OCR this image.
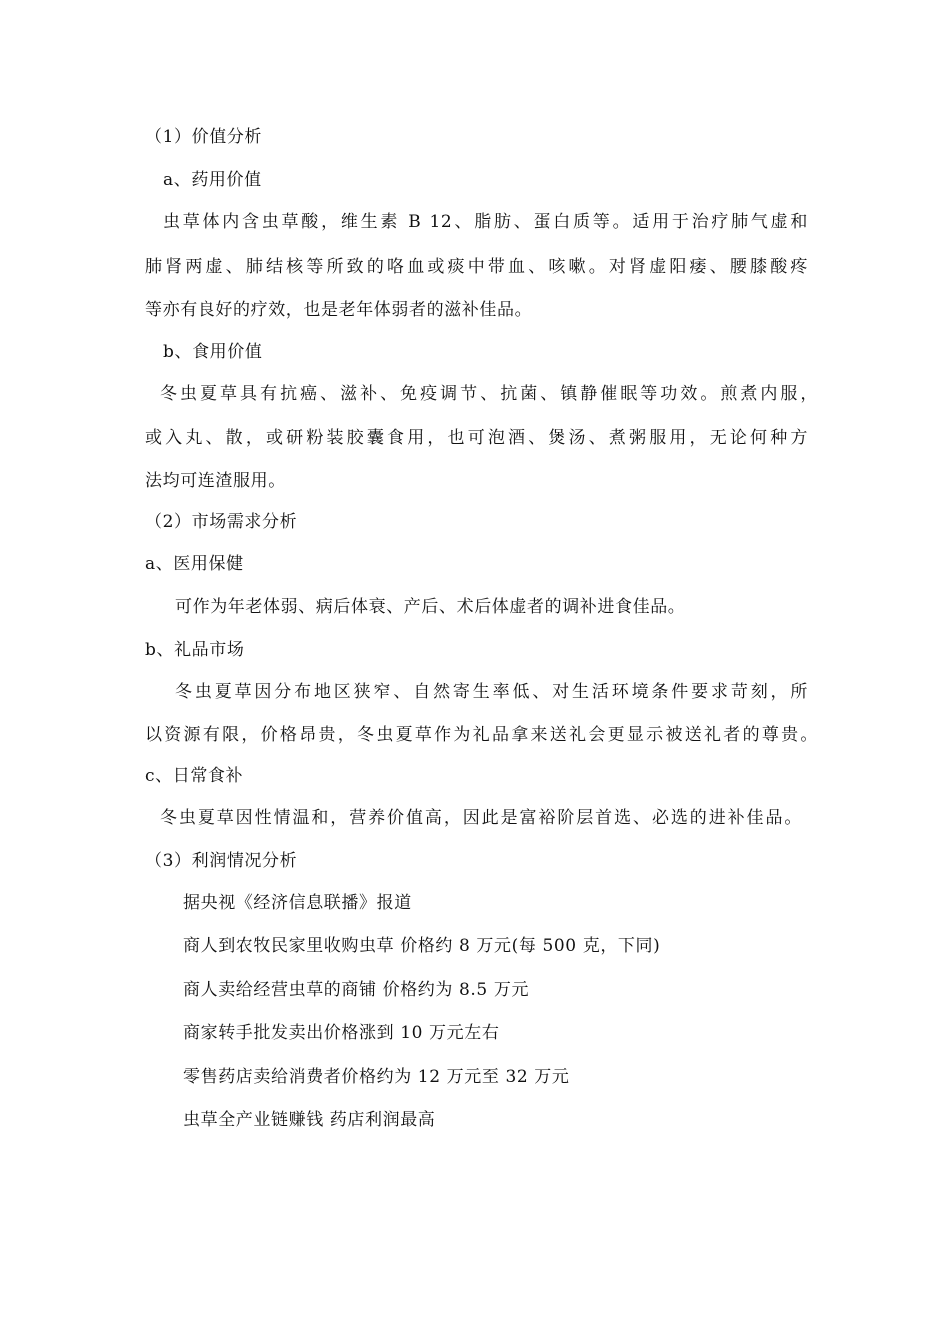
（1）价值分析
a、药用价值
虫草体内含虫草酸，维生素 B 12、脂肪、蛋白质等。适用于治疗肺气虚和
肺肾两虚、肺结核等所致的咯血或痰中带血、咳嗽。对肾虚阳痿、腰膝酸疼
等亦有良好的疗效，也是老年体弱者的滋补佳品。
b、食用价值
冬虫夏草具有抗癌、滋补、免疫调节、抗菌、镇静催眠等功效。煎煮内服，
或入丸、散，或研粉装胶囊食用，也可泡酒、煲汤、煮粥服用，无论何种方
法均可连渣服用。
（2）市场需求分析
a、医用保健
可作为年老体弱、病后体衰、产后、术后体虚者的调补进食佳品。
b、礼品市场
冬虫夏草因分布地区狭窄、自然寄生率低、对生活环境条件要求苛刻，所
以资源有限，价格昂贵，冬虫夏草作为礼品拿来送礼会更显示被送礼者的尊贵。
c、日常食补
冬虫夏草因性情温和，营养价值高，因此是富裕阶层首选、必选的进补佳品。
（3）利润情况分析
据央视《经济信息联播》报道
商人到农牧民家里收购虫草 价格约 8 万元(每 500 克，下同)
商人卖给经营虫草的商铺 价格约为 8.5 万元
商家转手批发卖出价格涨到 10 万元左右
零售药店卖给消费者价格约为 12 万元至 32 万元
虫草全产业链赚钱 药店利润最高
